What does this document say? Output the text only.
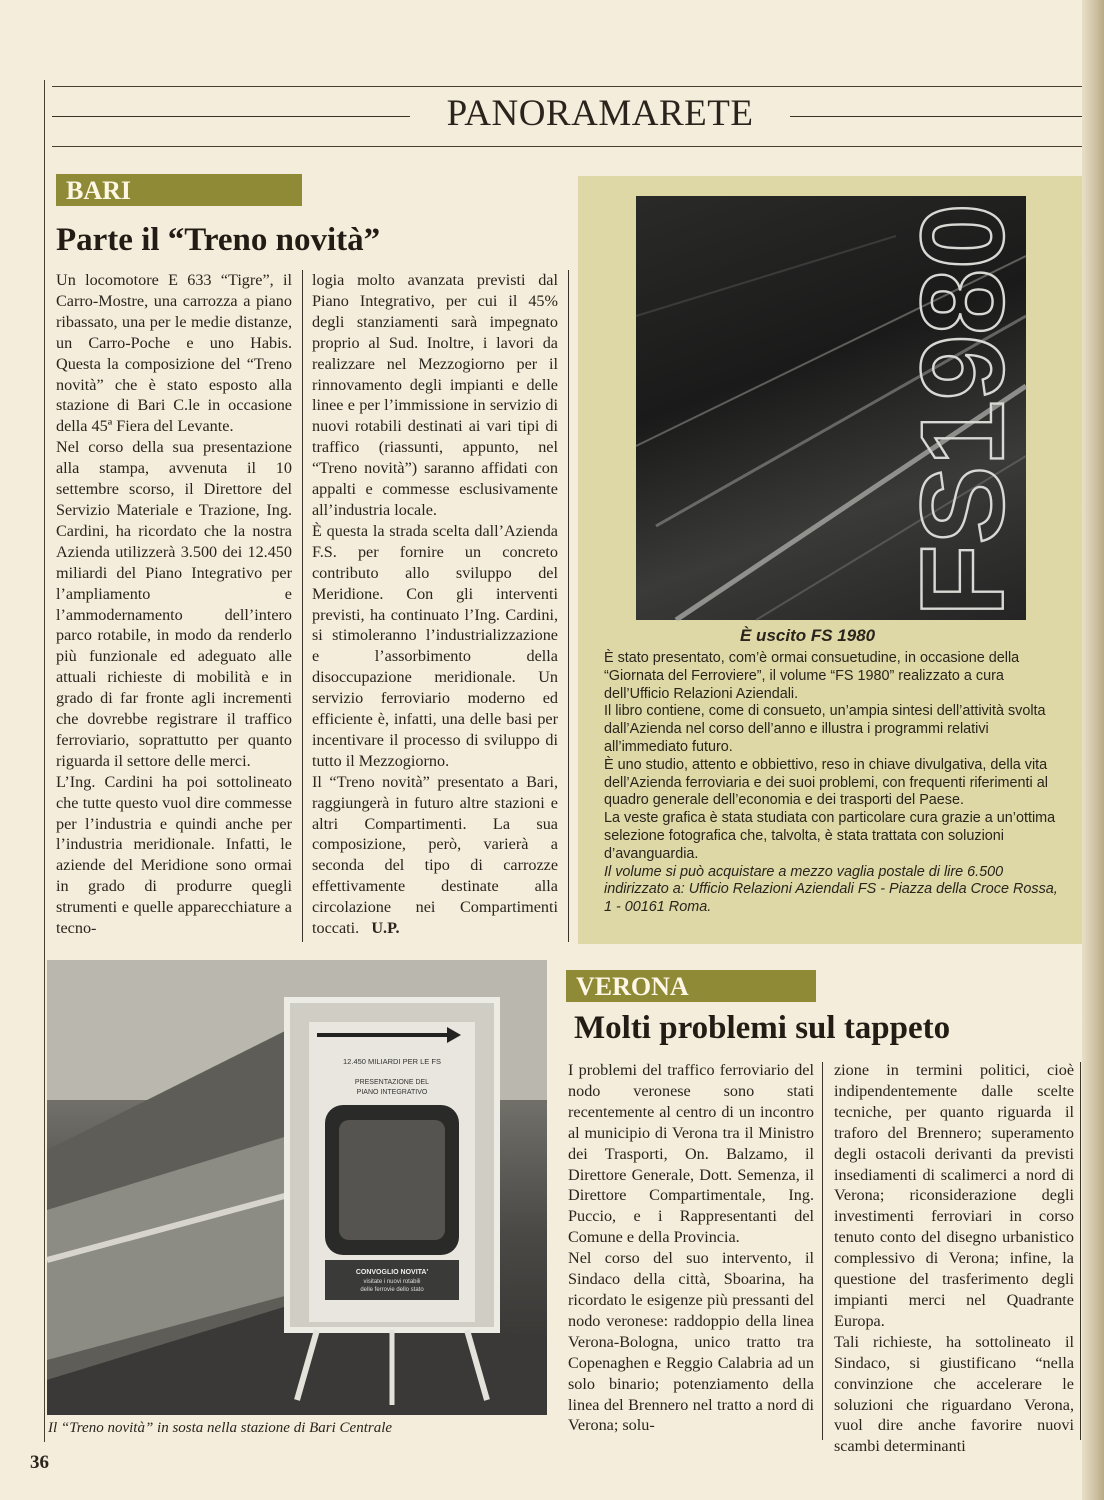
PANORAMARETE
BARI
Parte il “Treno novità”

Un locomotore E 633 “Tigre”, il Carro-Mostre, una carrozza a piano ribassato, una per le medie distanze, un Carro-Poche e uno Habis. Questa la composizione del “Treno novità” che è stato esposto alla stazione di Bari C.le in occasione della 45ª Fiera del Levante.

Nel corso della sua presentazione alla stampa, avvenuta il 10 settembre scorso, il Direttore del Servizio Materiale e Trazione, Ing. Cardini, ha ricordato che la nostra Azienda utilizzerà 3.500 dei 12.450 miliardi del Piano Integrativo per l’ampliamento e l’ammodernamento dell’intero parco rotabile, in modo da renderlo più funzionale ed adeguato alle attuali richieste di mobilità e in grado di far fronte agli incrementi che dovrebbe registrare il traffico ferroviario, soprattutto per quanto riguarda il settore delle merci.

L’Ing. Cardini ha poi sottolineato che tutte questo vuol dire commesse per l’industria e quindi anche per l’industria meridionale. Infatti, le aziende del Meridione sono ormai in grado di produrre quegli strumenti e quelle apparecchiature a tecno-

logia molto avanzata previsti dal Piano Integrativo, per cui il 45% degli stanziamenti sarà impegnato proprio al Sud. Inoltre, i lavori da realizzare nel Mezzogiorno per il rinnovamento degli impianti e delle linee e per l’immissione in servizio di nuovi rotabili destinati ai vari tipi di traffico (riassunti, appunto, nel “Treno novità”) saranno affidati con appalti e commesse esclusivamente all’industria locale.

È questa la strada scelta dall’Azienda F.S. per fornire un concreto contributo allo sviluppo del Meridione. Con gli interventi previsti, ha continuato l’Ing. Cardini, si stimoleranno l’industrializzazione e l’assorbimento della disoccupazione meridionale. Un servizio ferroviario moderno ed efficiente è, infatti, una delle basi per incentivare il processo di sviluppo di tutto il Mezzogiorno.

Il “Treno novità” presentato a Bari, raggiungerà in futuro altre stazioni e altri Compartimenti. La sua composizione, però, varierà a seconda del tipo di carrozze effettivamente destinate alla circolazione nei Compartimenti toccati. U.P.

FS1980
È uscito FS 1980

È stato presentato, com’è ormai consuetudine, in occasione della “Giornata del Ferroviere”, il volume “FS 1980” realizzato a cura dell’Ufficio Relazioni Aziendali.

Il libro contiene, come di consueto, un’ampia sintesi dell’attività svolta dall’Azienda nel corso dell’anno e illustra i programmi relativi all’immediato futuro.

È uno studio, attento e obbiettivo, reso in chiave divulgativa, della vita dell’Azienda ferroviaria e dei suoi problemi, con frequenti riferimenti al quadro generale dell’economia e dei trasporti del Paese.

La veste grafica è stata studiata con particolare cura grazie a un’ottima selezione fotografica che, talvolta, è stata trattata con soluzioni d’avanguardia.

Il volume si può acquistare a mezzo vaglia postale di lire 6.500 indirizzato a: Ufficio Relazioni Aziendali FS - Piazza della Croce Rossa, 1 - 00161 Roma.

12.450 MILIARDI PER LE FS
PRESENTAZIONE DEL
PIANO INTEGRATIVO
CONVOGLIO NOVITA'
visitate i nuovi rotabili
delle ferrovie dello stato
Il “Treno novità” in sosta nella stazione di Bari Centrale
VERONA
Molti problemi sul tappeto

I problemi del traffico ferroviario del nodo veronese sono stati recentemente al centro di un incontro al municipio di Verona tra il Ministro dei Trasporti, On. Balzamo, il Direttore Generale, Dott. Semenza, il Direttore Compartimentale, Ing. Puccio, e i Rappresentanti del Comune e della Provincia.

Nel corso del suo intervento, il Sindaco della città, Sboarina, ha ricordato le esigenze più pressanti del nodo veronese: raddoppio della linea Verona-Bologna, unico tratto tra Copenaghen e Reggio Calabria ad un solo binario; potenziamento della linea del Brennero nel tratto a nord di Verona; solu-

zione in termini politici, cioè indipendentemente dalle scelte tecniche, per quanto riguarda il traforo del Brennero; superamento degli ostacoli derivanti da previsti insediamenti di scalimerci a nord di Verona; riconsiderazione degli investimenti ferroviari in corso tenuto conto del disegno urbanistico complessivo di Verona; infine, la questione del trasferimento degli impianti merci nel Quadrante Europa.

Tali richieste, ha sottolineato il Sindaco, si giustificano “nella convinzione che accelerare le soluzioni che riguardano Verona, vuol dire anche favorire nuovi scambi determinanti

36
